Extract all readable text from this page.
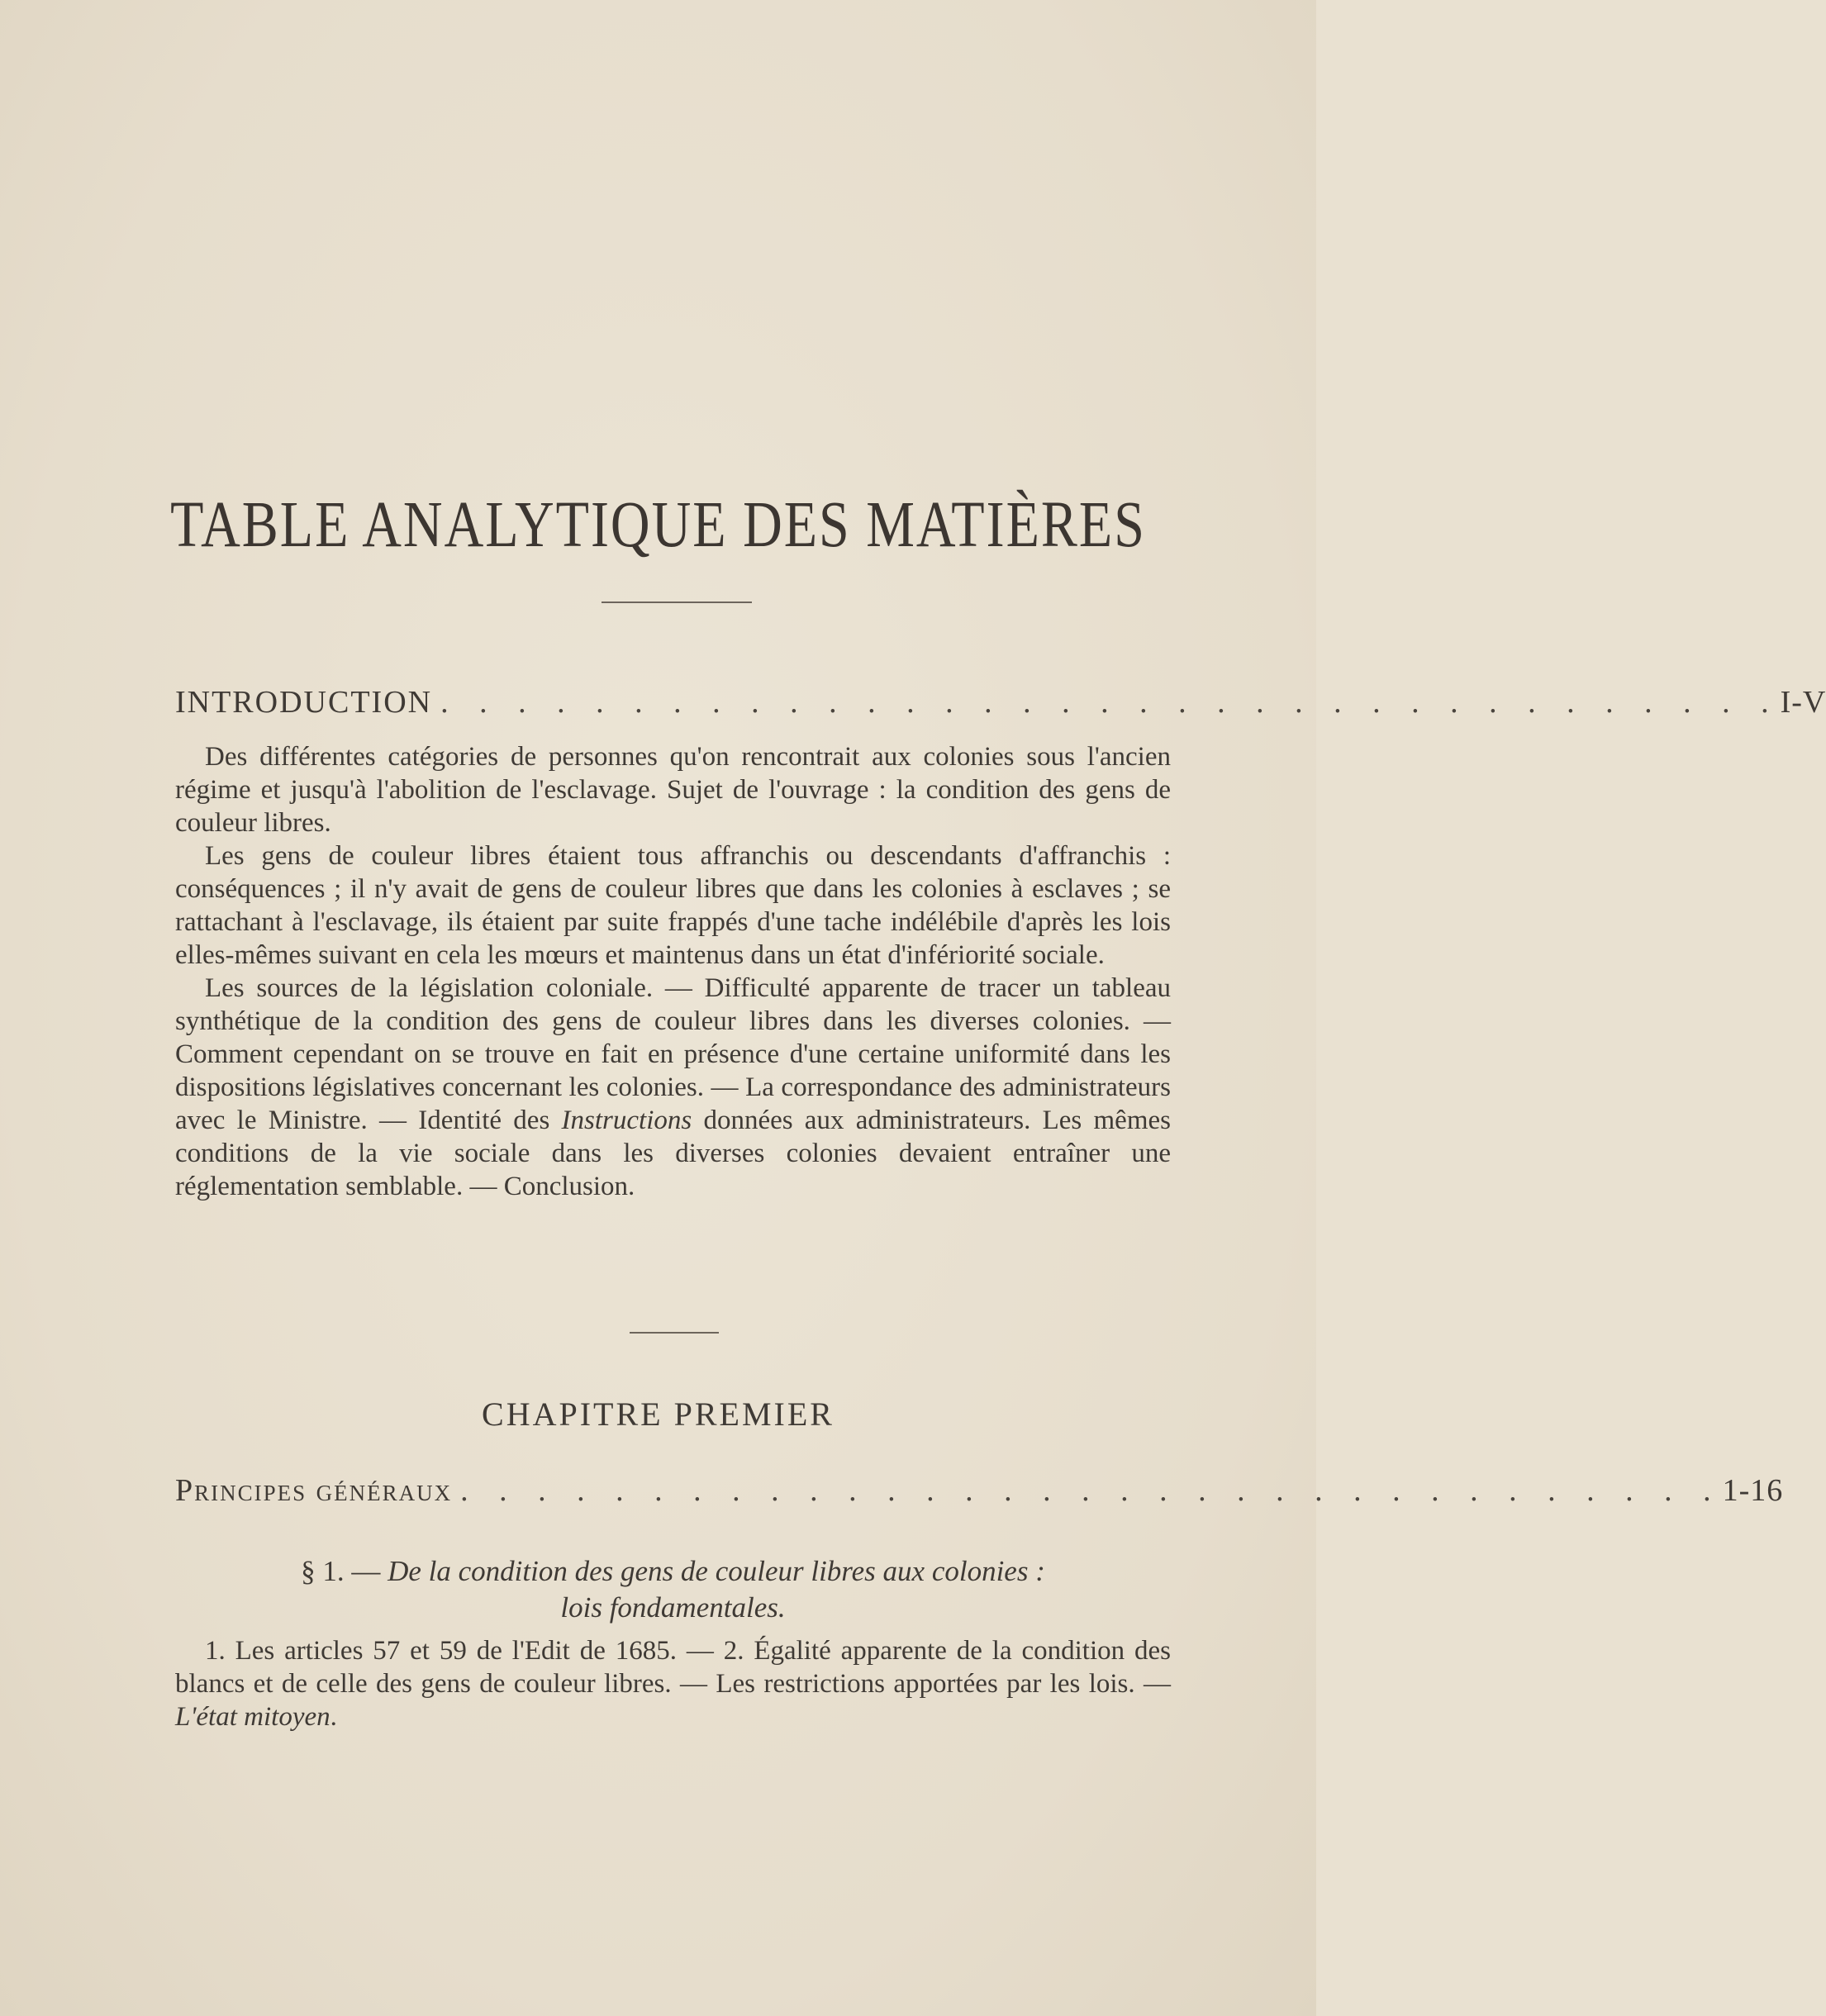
TABLE ANALYTIQUE DES MATIÈRES
INTRODUCTION . . . . . . . . . . . . . . . . . . . . . . . . . . . . . . . . . . . I-V

Des différentes catégories de personnes qu'on rencontrait aux colonies sous l'ancien régime et jusqu'à l'abolition de l'esclavage. Sujet de l'ouvrage : la condition des gens de couleur libres.

Les gens de couleur libres étaient tous affranchis ou descendants d'affranchis : conséquences ; il n'y avait de gens de couleur libres que dans les colonies à esclaves ; se rattachant à l'esclavage, ils étaient par suite frappés d'une tache indélébile d'après les lois elles-mêmes suivant en cela les mœurs et maintenus dans un état d'infériorité sociale.

Les sources de la législation coloniale. — Difficulté apparente de tracer un tableau synthétique de la condition des gens de couleur libres dans les diverses colonies. — Comment cependant on se trouve en fait en présence d'une certaine uniformité dans les dispositions législatives concernant les colonies. — La correspondance des administrateurs avec le Ministre. — Identité des Instructions données aux administrateurs. Les mêmes conditions de la vie sociale dans les diverses colonies devaient entraîner une réglementation semblable. — Conclusion.

CHAPITRE PREMIER
Principes généraux . . . . . . . . . . . . . . . . . . . . . . . . . . . . . . . . . 1-16
§ 1. — De la condition des gens de couleur libres aux colonies :
lois fondamentales.

1. Les articles 57 et 59 de l'Edit de 1685. — 2. Égalité apparente de la condition des blancs et de celle des gens de couleur libres. — Les restrictions apportées par les lois. — L'état mitoyen.
